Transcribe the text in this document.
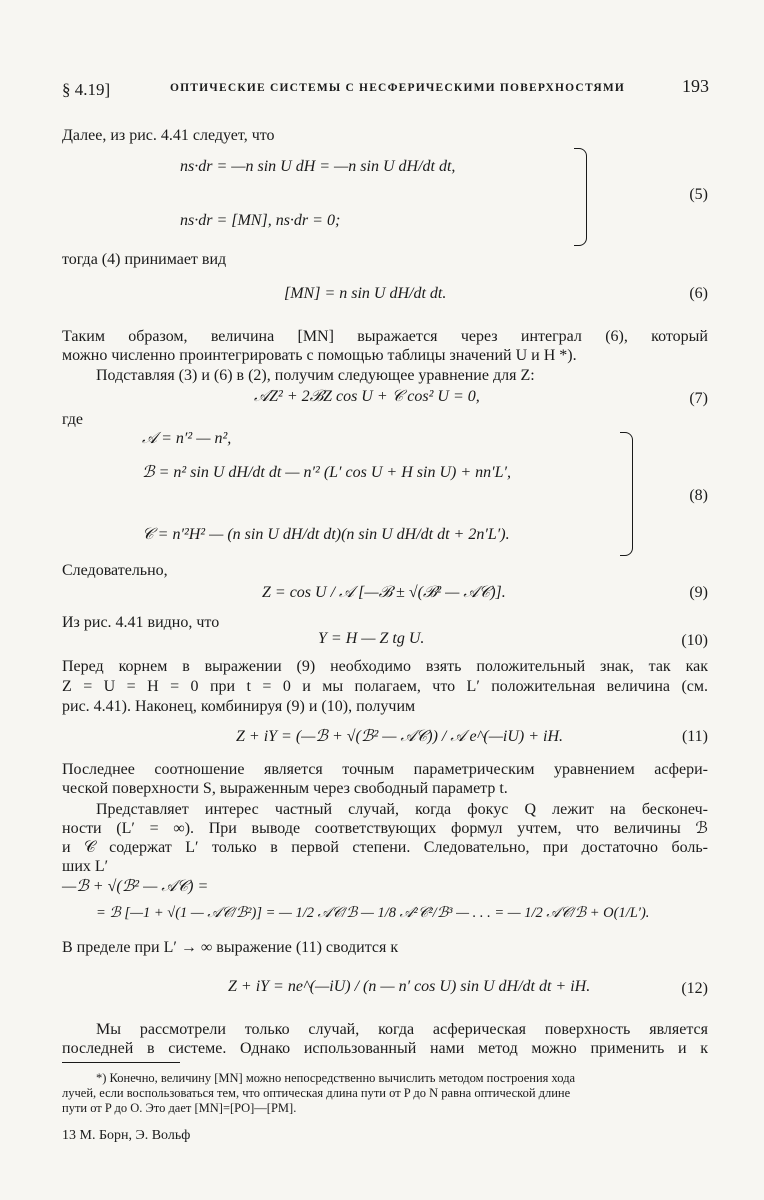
§ 4.19]	ОПТИЧЕСКИЕ СИСТЕМЫ С НЕСФЕРИЧЕСКИМИ ПОВЕРХНОСТЯМИ	193
Далее, из рис. 4.41 следует, что
ns·dr = —n sin U dH = —n sin U dH/dt dt,
ns·dr = [MN], ns·dr = 0;
(5)
тогда (4) принимает вид
[MN] = n sin U dH/dt dt.	(6)
Таким образом, величина [MN] выражается через интеграл (6), который
можно численно проинтегрировать с помощью таблицы значений U и H *).
Подставляя (3) и (6) в (2), получим следующее уравнение для Z:
𝒜Z² + 2ℬZ cos U + 𝒞 cos² U = 0,	(7)
где
𝒜 = n′² — n²,
ℬ = n² sin U dH/dt dt — n′² (L′ cos U + H sin U) + nn′L′,
𝒞 = n′²H² — (n sin U dH/dt dt)(n sin U dH/dt dt + 2n′L′).
(8)
Следовательно,
Z = cos U / 𝒜 [—ℬ ± √(ℬ² — 𝒜𝒞)].	(9)
Из рис. 4.41 видно, что
Y = H — Z tg U.	(10)
Перед корнем в выражении (9) необходимо взять положительный знак, так как
Z = U = H = 0 при t = 0 и мы полагаем, что L′ положительная величина (см.
рис. 4.41). Наконец, комбинируя (9) и (10), получим
Z + iY = (—ℬ + √(ℬ² — 𝒜𝒞)) / 𝒜 e^(—iU) + iH.	(11)
Последнее соотношение является точным параметрическим уравнением асфери-
ческой поверхности S, выраженным через свободный параметр t.
Представляет интерес частный случай, когда фокус Q лежит на бесконеч-
ности (L′ = ∞). При выводе соответствующих формул учтем, что величины ℬ
и 𝒞 содержат L′ только в первой степени. Следовательно, при достаточно боль-
ших L′
—ℬ + √(ℬ² — 𝒜𝒞) =
= ℬ [—1 + √(1 — 𝒜𝒞/ℬ²)] = — 1/2 𝒜𝒞/ℬ — 1/8 𝒜²𝒞²/ℬ³ — . . . = — 1/2 𝒜𝒞/ℬ + O(1/L′).
В пределе при L′ → ∞ выражение (11) сводится к
Z + iY = ne^(—iU) / (n — n′ cos U) sin U dH/dt dt + iH.	(12)
Мы рассмотрели только случай, когда асферическая поверхность является
последней в системе. Однако использованный нами метод можно применить и к
*) Конечно, величину [MN] можно непосредственно вычислить методом построения хода
лучей, если воспользоваться тем, что оптическая длина пути от P до N равна оптической длине
пути от P до O. Это дает [MN]=[PO]—[PM].
13 М. Борн, Э. Вольф
